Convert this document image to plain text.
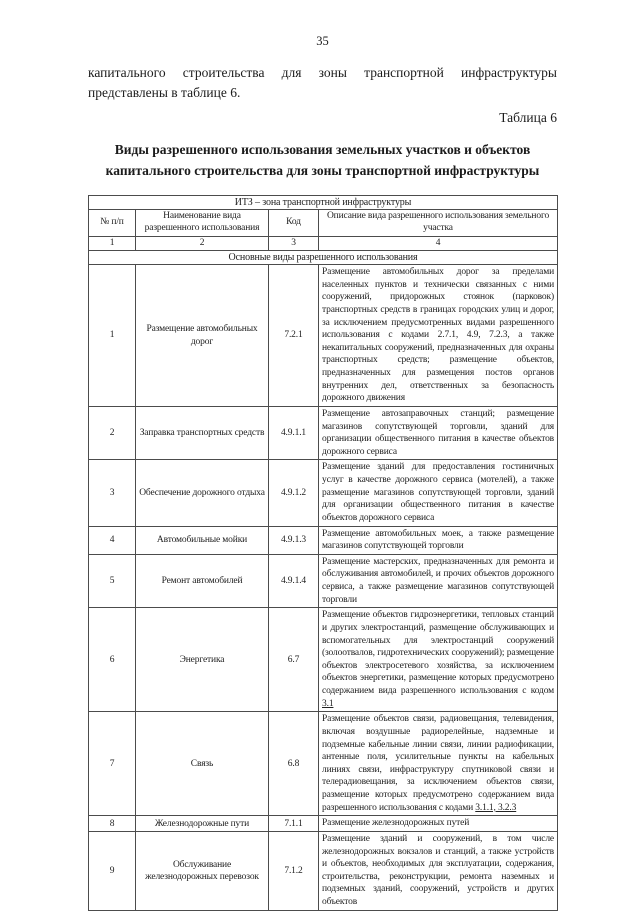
35

капитального строительства для зоны транспортной инфраструктуры представлены в таблице 6.

Таблица 6
Виды разрешенного использования земельных участков и объектов капитального строительства для зоны транспортной инфраструктуры
ИТЗ – зона транспортной инфраструктуры			
№ п/п	Наименование вида разрешенного использования	Код	Описание вида разрешенного использования земельного участка
1	2	3	4
Основные виды разрешенного использования			
1	Размещение автомобильных дорог	7.2.1	Размещение автомобильных дорог за пределами населенных пунктов и технически связанных с ними сооружений, придорожных стоянок (парковок) транспортных средств в границах городских улиц и дорог, за исключением предусмотренных видами разрешенного использования с кодами 2.7.1, 4.9, 7.2.3, а также некапитальных сооружений, предназначенных для охраны транспортных средств; размещение объектов, предназначенных для размещения постов органов внутренних дел, ответственных за безопасность дорожного движения
2	Заправка транспортных средств	4.9.1.1	Размещение автозаправочных станций; размещение магазинов сопутствующей торговли, зданий для организации общественного питания в качестве объектов дорожного сервиса
3	Обеспечение дорожного отдыха	4.9.1.2	Размещение зданий для предоставления гостиничных услуг в качестве дорожного сервиса (мотелей), а также размещение магазинов сопутствующей торговли, зданий для организации общественного питания в качестве объектов дорожного сервиса
4	Автомобильные мойки	4.9.1.3	Размещение автомобильных моек, а также размещение магазинов сопутствующей торговли
5	Ремонт автомобилей	4.9.1.4	Размещение мастерских, предназначенных для ремонта и обслуживания автомобилей, и прочих объектов дорожного сервиса, а также размещение магазинов сопутствующей торговли
6	Энергетика	6.7	Размещение объектов гидроэнергетики, тепловых станций и других электростанций, размещение обслуживающих и вспомогательных для электростанций сооружений (золоотвалов, гидротехнических сооружений); размещение объектов электросетевого хозяйства, за исключением объектов энергетики, размещение которых предусмотрено содержанием вида разрешенного использования с кодом 3.1
7	Связь	6.8	Размещение объектов связи, радиовещания, телевидения, включая воздушные радиорелейные, надземные и подземные кабельные линии связи, линии радиофикации, антенные поля, усилительные пункты на кабельных линиях связи, инфраструктуру спутниковой связи и телерадиовещания, за исключением объектов связи, размещение которых предусмотрено содержанием вида разрешенного использования с кодами 3.1.1, 3.2.3
8	Железнодорожные пути	7.1.1	Размещение железнодорожных путей
9	Обслуживание железнодорожных перевозок	7.1.2	Размещение зданий и сооружений, в том числе железнодорожных вокзалов и станций, а также устройств и объектов, необходимых для эксплуатации, содержания, строительства, реконструкции, ремонта наземных и подземных зданий, сооружений, устройств и других объектов
